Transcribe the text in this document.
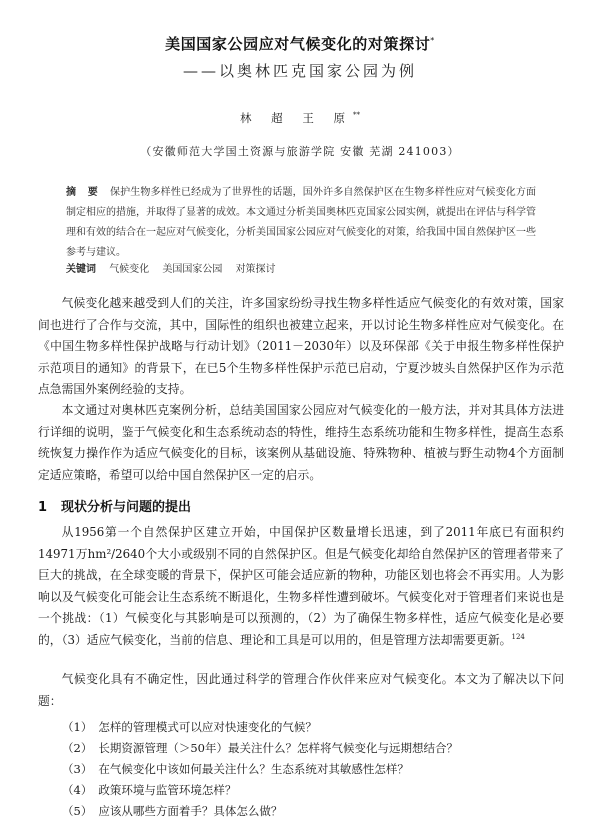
美国国家公园应对气候变化的对策探讨*
——以奥林匹克国家公园为例
林 超 王 原**
（安徽师范大学国土资源与旅游学院 安徽 芜湖 241003）
摘 要 保护生物多样性已经成为了世界性的话题，国外许多自然保护区在生物多样性应对气候变化方面制定相应的措施，并取得了显著的成效。本文通过分析美国奥林匹克国家公园实例，就提出在评估与科学管理和有效的结合在一起应对气候变化，分析美国国家公园应对气候变化的对策，给我国中国自然保护区一些参考与建议。
关键词 气候变化 美国国家公园 对策探讨

气候变化越来越受到人们的关注，许多国家纷纷寻找生物多样性适应气候变化的有效对策，国家间也进行了合作与交流，其中，国际性的组织也被建立起来，开以讨论生物多样性应对气候变化。在《中国生物多样性保护战略与行动计划》（2011－2030年）以及环保部《关于申报生物多样性保护示范项目的通知》的背景下，在已5个生物多样性保护示范已启动，宁夏沙坡头自然保护区作为示范点急需国外案例经验的支持。

本文通过对奥林匹克案例分析，总结美国国家公园应对气候变化的一般方法，并对其具体方法进行详细的说明，鉴于气候变化和生态系统动态的特性，维持生态系统功能和生物多样性，提高生态系统恢复力操作作为适应气候变化的目标，该案例从基础设施、特殊物种、植被与野生动物4个方面制定适应策略，希望可以给中国自然保护区一定的启示。

1 现状分析与问题的提出

从1956第一个自然保护区建立开始，中国保护区数量增长迅速，到了2011年底已有面积约14971万hm²/2640个大小或级别不同的自然保护区。但是气候变化却给自然保护区的管理者带来了巨大的挑战，在全球变暖的背景下，保护区可能会适应新的物种，功能区划也将会不再实用。人为影响以及气候变化可能会让生态系统不断退化，生物多样性遭到破坏。气候变化对于管理者们来说也是一个挑战：（1）气候变化与其影响是可以预测的，（2）为了确保生物多样性，适应气候变化是必要的，（3）适应气候变化，当前的信息、理论和工具是可以用的，但是管理方法却需要更新。$^{124}$

气候变化具有不确定性，因此通过科学的管理合作伙伴来应对气候变化。本文为了解决以下问题：

（1） 怎样的管理模式可以应对快速变化的气候？
（2） 长期资源管理（＞50年）最关注什么？怎样将气候变化与远期想结合？
（3） 在气候变化中该如何最关注什么？生态系统对其敏感性怎样？
（4） 政策环境与监管环境怎样？
（5） 应该从哪些方面着手？具体怎么做？
